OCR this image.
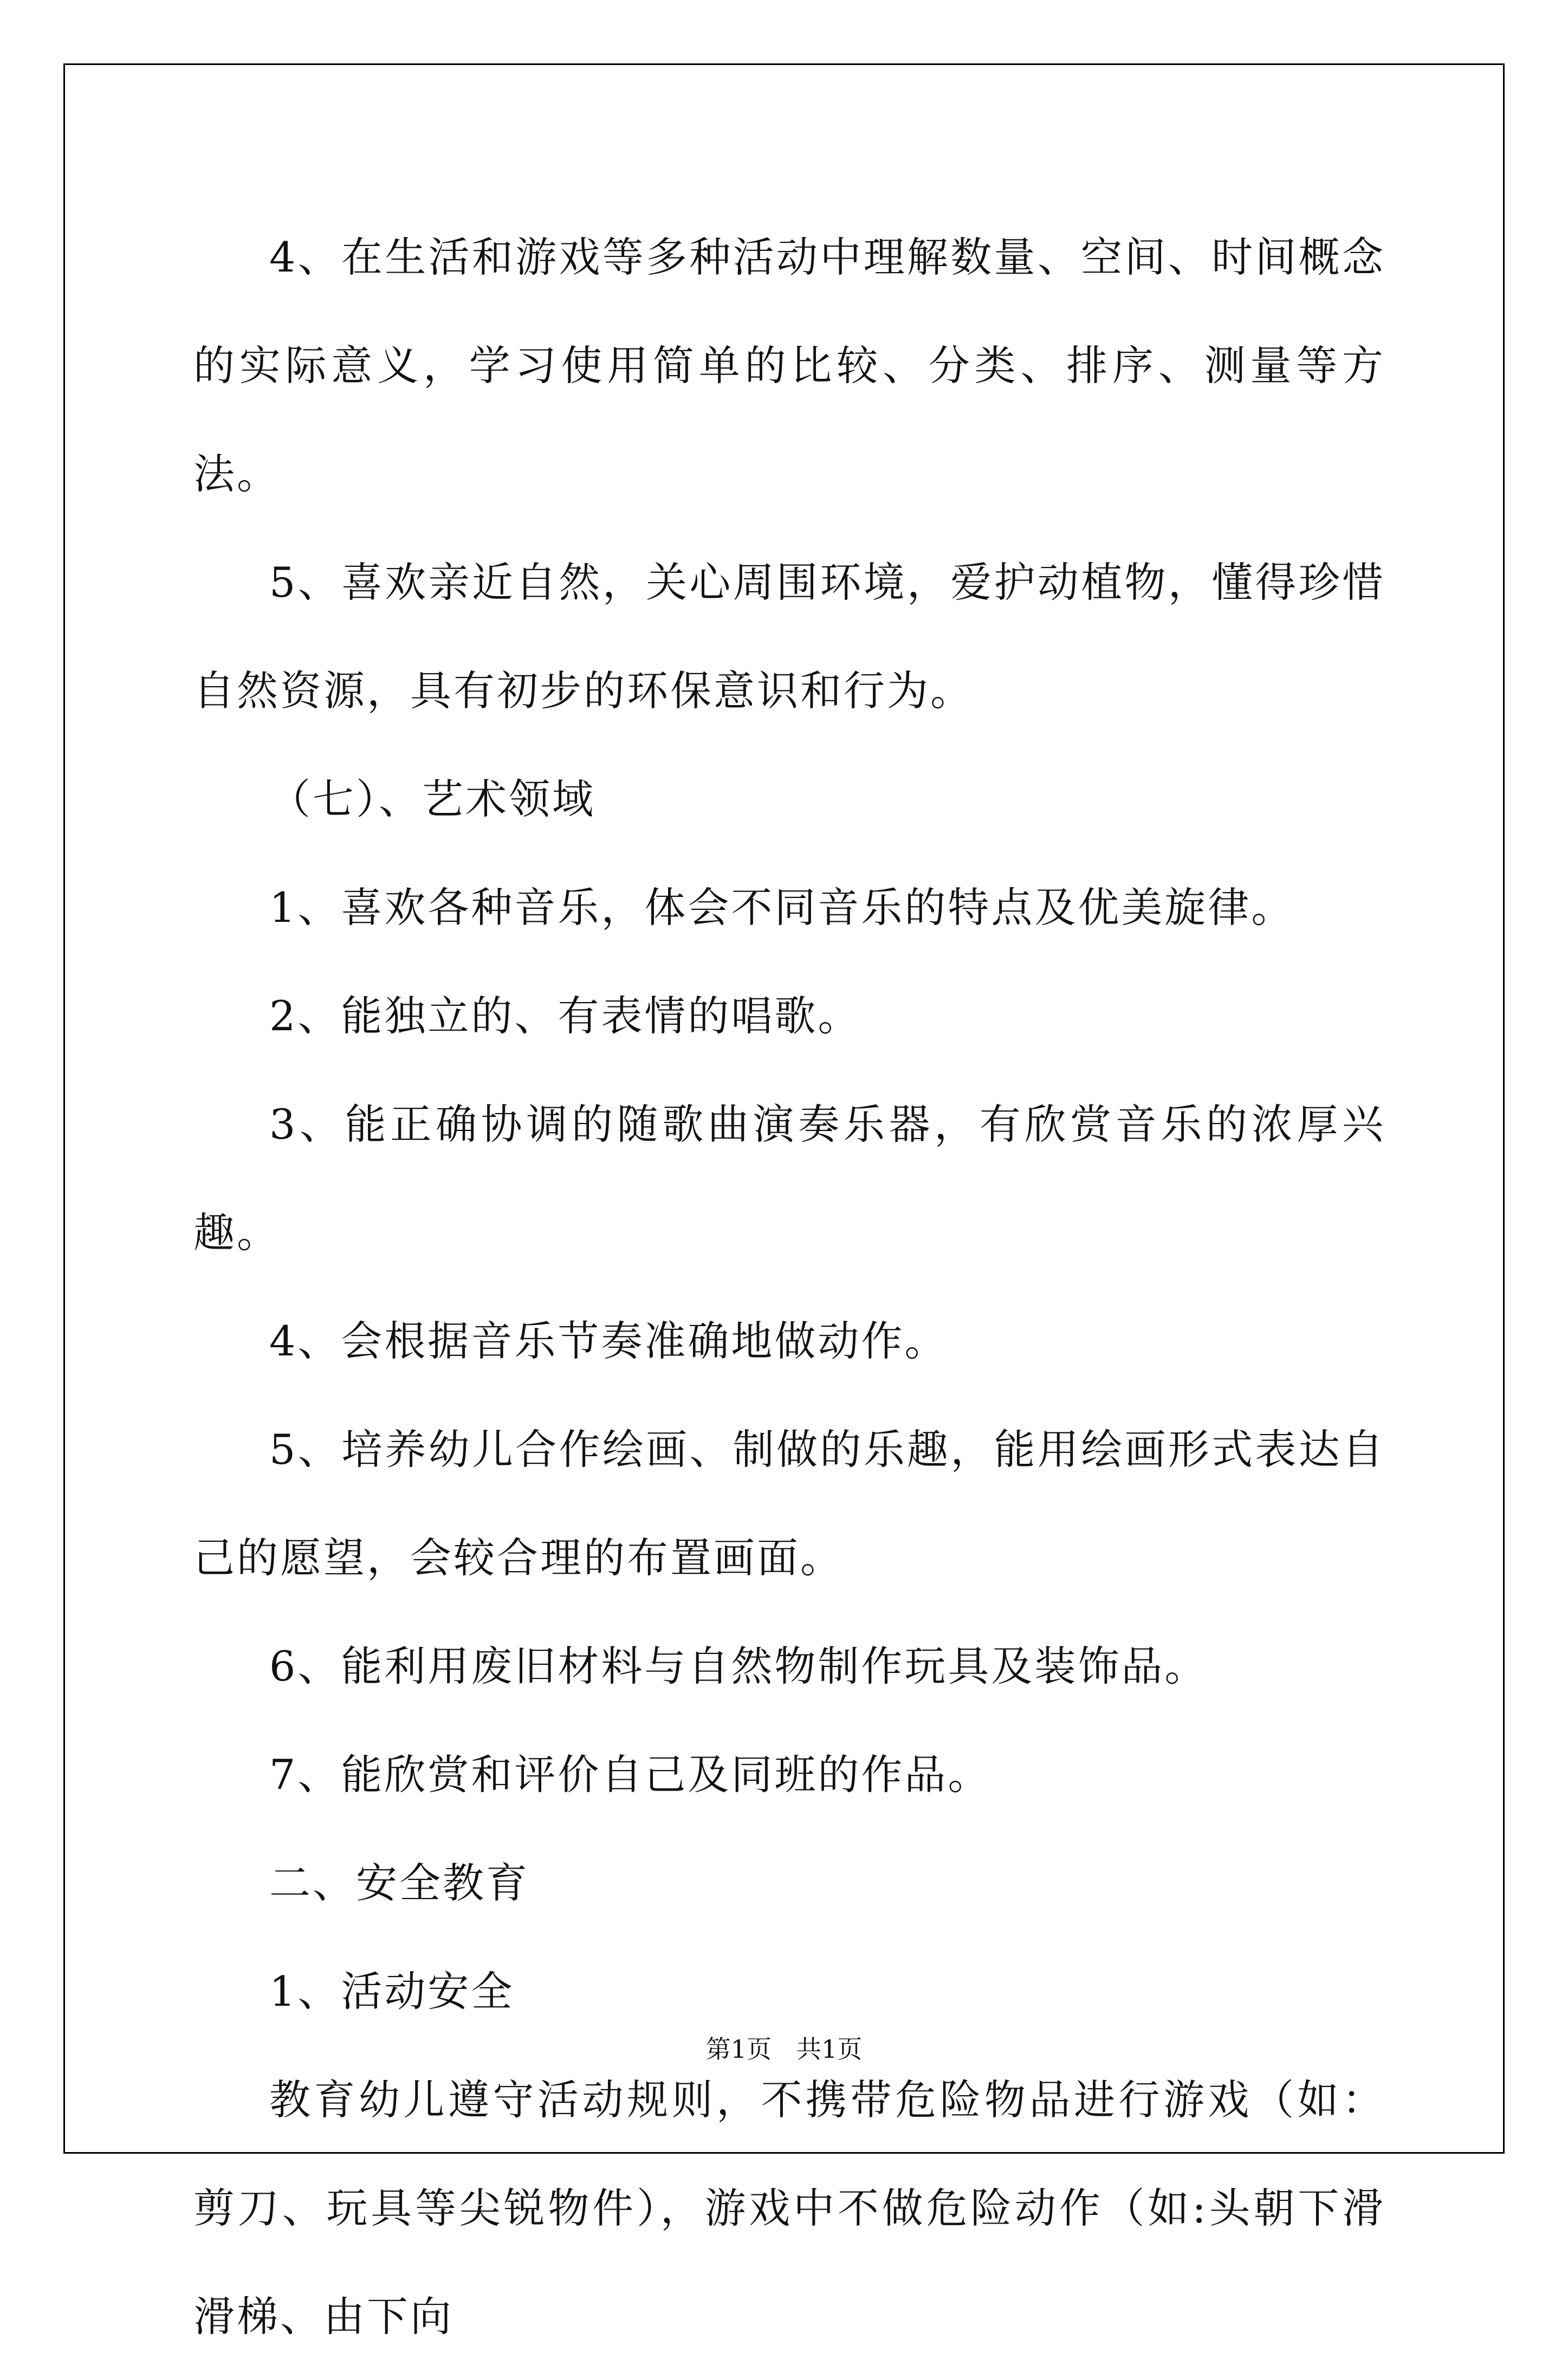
4、在生活和游戏等多种活动中理解数量、空间、时间概念的实际意义，学习使用简单的比较、分类、排序、测量等方法。

5、喜欢亲近自然，关心周围环境，爱护动植物，懂得珍惜自然资源，具有初步的环保意识和行为。

（七）、艺术领域

1、喜欢各种音乐，体会不同音乐的特点及优美旋律。

2、能独立的、有表情的唱歌。

3、能正确协调的随歌曲演奏乐器，有欣赏音乐的浓厚兴趣。

4、会根据音乐节奏准确地做动作。

5、培养幼儿合作绘画、制做的乐趣，能用绘画形式表达自己的愿望，会较合理的布置画面。

6、能利用废旧材料与自然物制作玩具及装饰品。

7、能欣赏和评价自己及同班的作品。

二、安全教育

1、活动安全

教育幼儿遵守活动规则，不携带危险物品进行游戏（如：剪刀、玩具等尖锐物件），游戏中不做危险动作（如:头朝下滑滑梯、由下向

第1页　共1页
